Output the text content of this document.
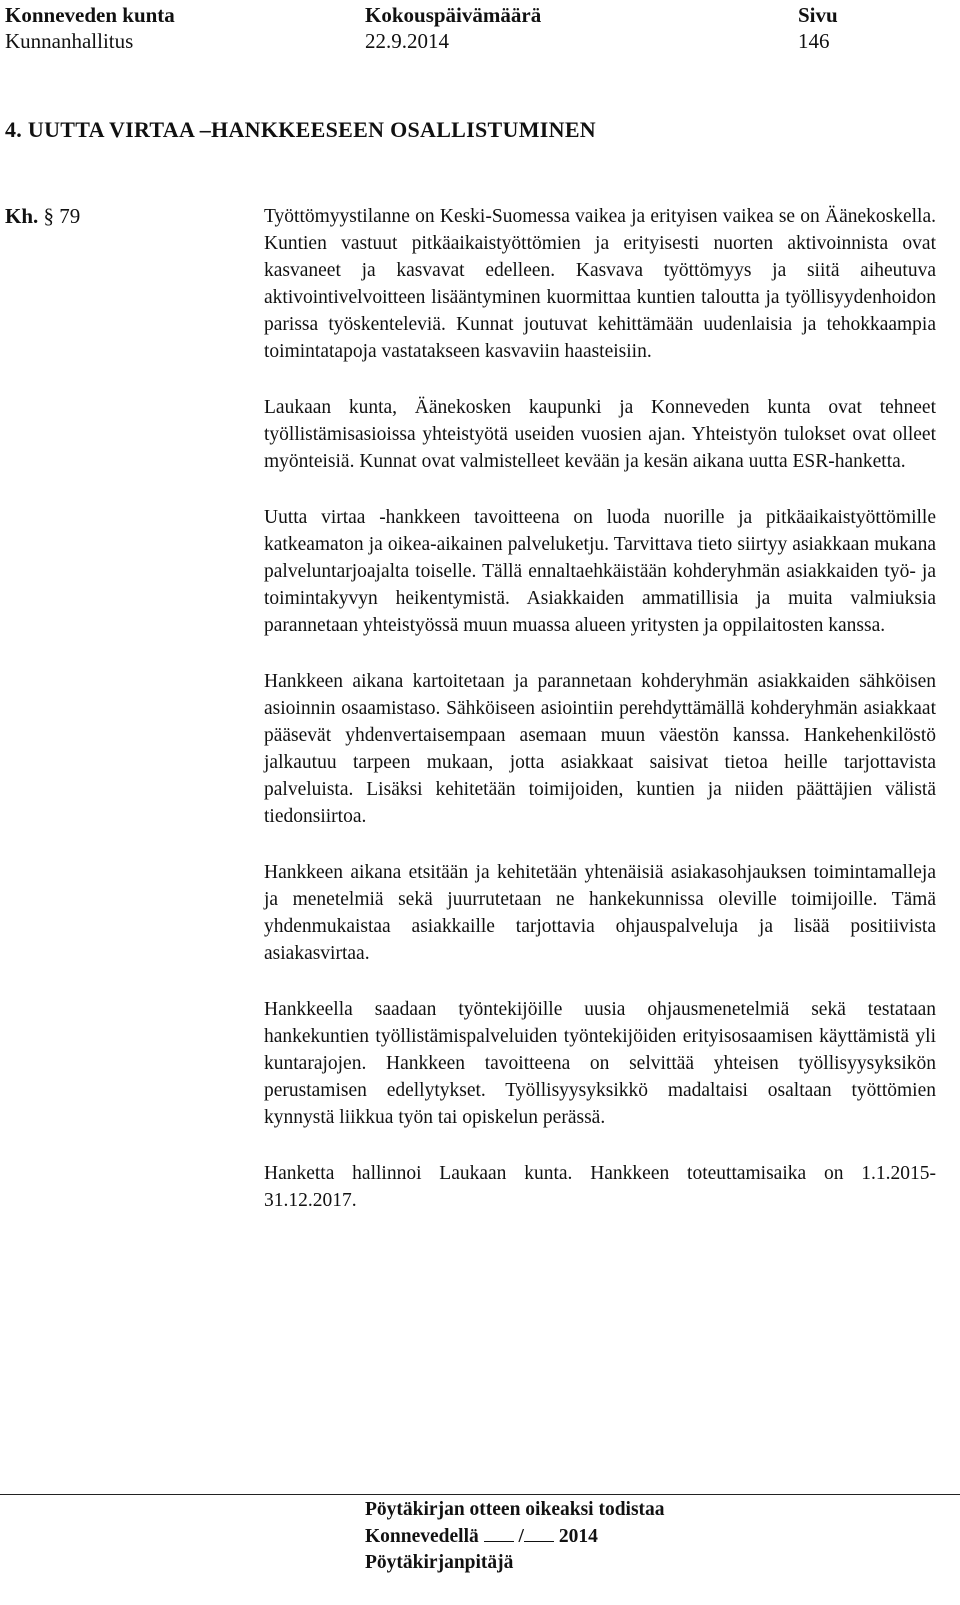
Konneveden kunta	Kokouspäivämäärä	Sivu
Kunnanhallitus	22.9.2014	146
4. UUTTA VIRTAA –HANKKEESEEN OSALLISTUMINEN
Kh. § 79	Työttömyystilanne on Keski-Suomessa vaikea ja erityisen vaikea se on Äänekoskella. Kuntien vastuut pitkäaikaistyöttömien ja erityisesti nuorten aktivoinnista ovat kasvaneet ja kasvavat edelleen. Kasvava työttömyys ja siitä aiheutuva aktivointivelvoitteen lisääntyminen kuormittaa kuntien taloutta ja työllisyydenhoidon parissa työskenteleviä. Kunnat joutuvat kehittämään uudenlaisia ja tehokkaampia toimintatapoja vastatakseen kasvaviin haasteisiin.

Laukaan kunta, Äänekosken kaupunki ja Konneveden kunta ovat tehneet työllistämisasioissa yhteistyötä useiden vuosien ajan. Yhteistyön tulokset ovat olleet myönteisiä. Kunnat ovat valmistelleet kevään ja kesän aikana uutta ESR-hanketta.

Uutta virtaa -hankkeen tavoitteena on luoda nuorille ja pitkäaikaistyöttömille katkeamaton ja oikea-aikainen palveluketju. Tarvittava tieto siirtyy asiakkaan mukana palveluntarjoajalta toiselle. Tällä ennaltaehkäistään kohderyhmän asiakkaiden työ- ja toimintakyvyn heikentymistä. Asiakkaiden ammatillisia ja muita valmiuksia parannetaan yhteistyössä muun muassa alueen yritysten ja oppilaitosten kanssa.

Hankkeen aikana kartoitetaan ja parannetaan kohderyhmän asiakkaiden sähköisen asioinnin osaamistaso. Sähköiseen asiointiin perehdyttämällä kohderyhmän asiakkaat pääsevät yhdenvertaisempaan asemaan muun väestön kanssa. Hankehenkilöstö jalkautuu tarpeen mukaan, jotta asiakkaat saisivat tietoa heille tarjottavista palveluista. Lisäksi kehitetään toimijoiden, kuntien ja niiden päättäjien välistä tiedonsiirtoa.

Hankkeen aikana etsitään ja kehitetään yhtenäisiä asiakasohjauksen toimintamalleja ja menetelmiä sekä juurrutetaan ne hankekunnissa oleville toimijoille. Tämä yhdenmukaistaa asiakkaille tarjottavia ohjauspalveluja ja lisää positiivista asiakasvirtaa.

Hankkeella saadaan työntekijöille uusia ohjausmenetelmiä sekä testataan hankekuntien työllistämispalveluiden työntekijöiden erityisosaamisen käyttämistä yli kuntarajojen. Hankkeen tavoitteena on selvittää yhteisen työllisyysyksikön perustamisen edellytykset. Työllisyysyksikkö madaltaisi osaltaan työttömien kynnystä liikkua työn tai opiskelun perässä.

Hanketta hallinnoi Laukaan kunta. Hankkeen toteuttamisaika on 1.1.2015- 31.12.2017.

Pöytäkirjan otteen oikeaksi todistaa
Konnevedellä / 2014
Pöytäkirjanpitäjä
